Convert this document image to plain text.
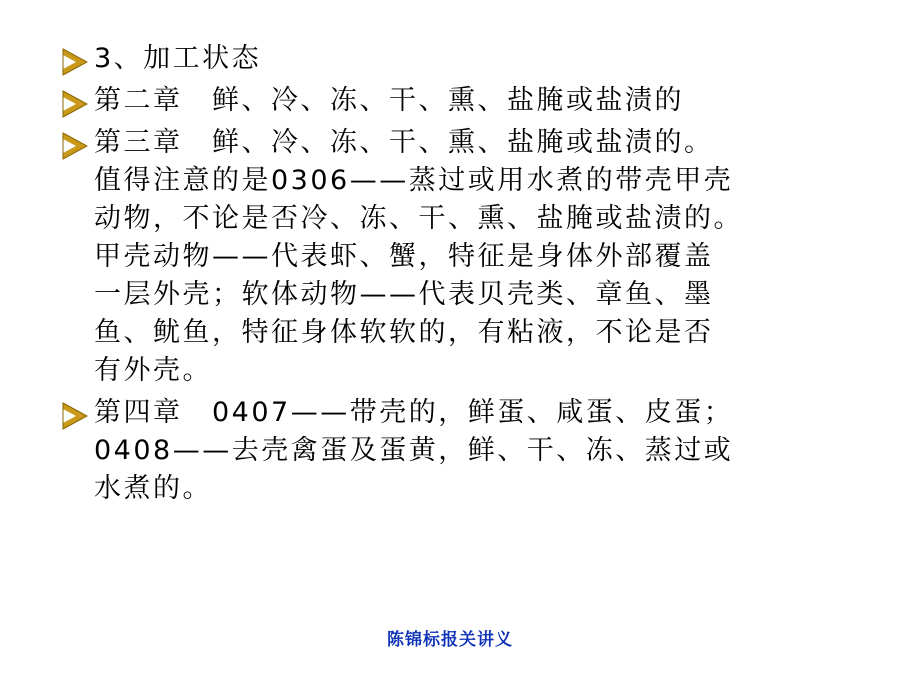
3、加工状态
第二章　鲜、冷、冻、干、熏、盐腌或盐渍的
第三章　鲜、冷、冻、干、熏、盐腌或盐渍的。
值得注意的是0306——蒸过或用水煮的带壳甲壳
动物，不论是否冷、冻、干、熏、盐腌或盐渍的。
甲壳动物——代表虾、蟹，特征是身体外部覆盖
一层外壳；软体动物——代表贝壳类、章鱼、墨
鱼、鱿鱼，特征身体软软的，有粘液，不论是否
有外壳。
第四章　0407——带壳的，鲜蛋、咸蛋、皮蛋；
0408——去壳禽蛋及蛋黄，鲜、干、冻、蒸过或
水煮的。
陈锦标报关讲义
